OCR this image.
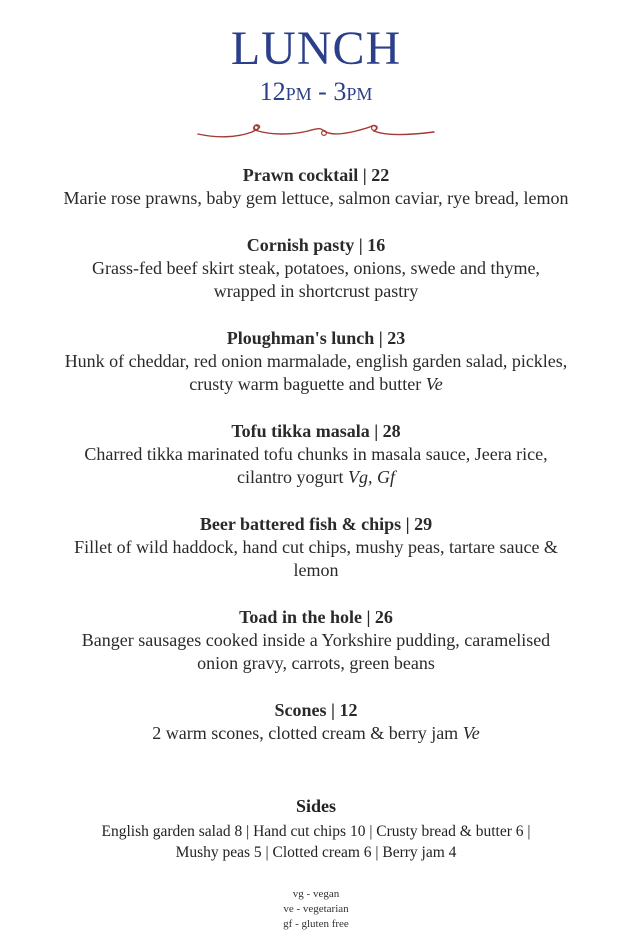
LUNCH
12pm - 3pm
Prawn cocktail | 22
Marie rose prawns, baby gem lettuce, salmon caviar, rye bread, lemon
Cornish pasty | 16
Grass-fed beef skirt steak, potatoes, onions, swede and thyme, wrapped in shortcrust pastry
Ploughman's lunch | 23
Hunk of cheddar, red onion marmalade, english garden salad, pickles, crusty warm baguette and butter Ve
Tofu tikka masala | 28
Charred tikka marinated tofu chunks in masala sauce, Jeera rice, cilantro yogurt Vg, Gf
Beer battered fish & chips | 29
Fillet of wild haddock, hand cut chips, mushy peas, tartare sauce & lemon
Toad in the hole | 26
Banger sausages cooked inside a Yorkshire pudding, caramelised onion gravy, carrots, green beans
Scones | 12
2 warm scones, clotted cream & berry jam Ve
Sides
English garden salad 8 | Hand cut chips 10 | Crusty bread & butter 6 | Mushy peas 5 | Clotted cream 6 | Berry jam 4
vg - vegan
ve - vegetarian
gf - gluten free
